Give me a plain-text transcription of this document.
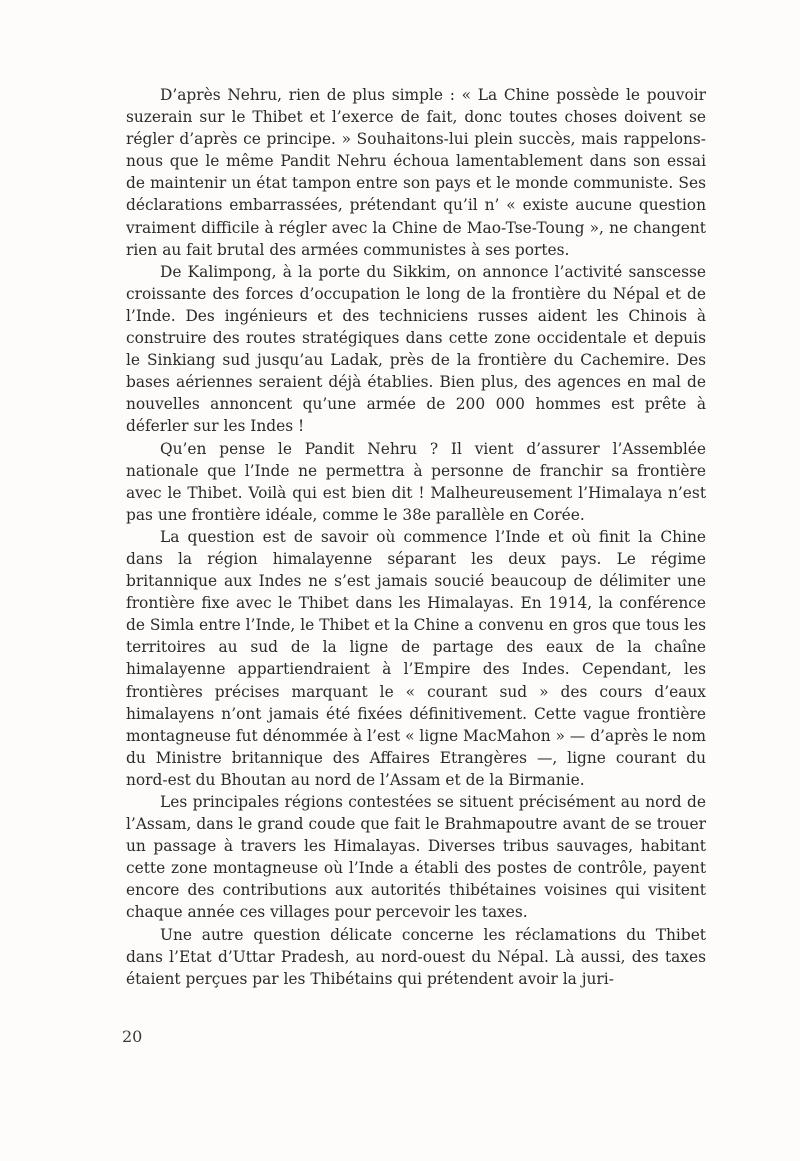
D’après Nehru, rien de plus simple : « La Chine possède le pouvoir suzerain sur le Thibet et l’exerce de fait, donc toutes choses doivent se régler d’après ce principe. » Souhaitons-lui plein succès, mais rappelons-nous que le même Pandit Nehru échoua lamentablement dans son essai de maintenir un état tampon entre son pays et le monde communiste. Ses déclarations embarrassées, prétendant qu’il n’ « existe aucune question vraiment difficile à régler avec la Chine de Mao-Tse-Toung », ne changent rien au fait brutal des armées communistes à ses portes.

De Kalimpong, à la porte du Sikkim, on annonce l’activité sanscesse croissante des forces d’occupation le long de la frontière du Népal et de l’Inde. Des ingénieurs et des techniciens russes aident les Chinois à construire des routes stratégiques dans cette zone occidentale et depuis le Sinkiang sud jusqu’au Ladak, près de la frontière du Cachemire. Des bases aériennes seraient déjà établies. Bien plus, des agences en mal de nouvelles annoncent qu’une armée de 200 000 hommes est prête à déferler sur les Indes !

Qu’en pense le Pandit Nehru ? Il vient d’assurer l’Assemblée nationale que l’Inde ne permettra à personne de franchir sa frontière avec le Thibet. Voilà qui est bien dit ! Malheureusement l’Himalaya n’est pas une frontière idéale, comme le 38e parallèle en Corée.

La question est de savoir où commence l’Inde et où finit la Chine dans la région himalayenne séparant les deux pays. Le régime britannique aux Indes ne s’est jamais soucié beaucoup de délimiter une frontière fixe avec le Thibet dans les Himalayas. En 1914, la conférence de Simla entre l’Inde, le Thibet et la Chine a convenu en gros que tous les territoires au sud de la ligne de partage des eaux de la chaîne himalayenne appartiendraient à l’Empire des Indes. Cependant, les frontières précises marquant le « courant sud » des cours d’eaux himalayens n’ont jamais été fixées définitivement. Cette vague frontière montagneuse fut dénommée à l’est « ligne MacMahon » — d’après le nom du Ministre britannique des Affaires Etrangères —, ligne courant du nord-est du Bhoutan au nord de l’Assam et de la Birmanie.

Les principales régions contestées se situent précisément au nord de l’Assam, dans le grand coude que fait le Brahmapoutre avant de se trouer un passage à travers les Himalayas. Diverses tribus sauvages, habitant cette zone montagneuse où l’Inde a établi des postes de contrôle, payent encore des contributions aux autorités thibétaines voisines qui visitent chaque année ces villages pour percevoir les taxes.

Une autre question délicate concerne les réclamations du Thibet dans l’Etat d’Uttar Pradesh, au nord-ouest du Népal. Là aussi, des taxes étaient perçues par les Thibétains qui prétendent avoir la juri-

20
